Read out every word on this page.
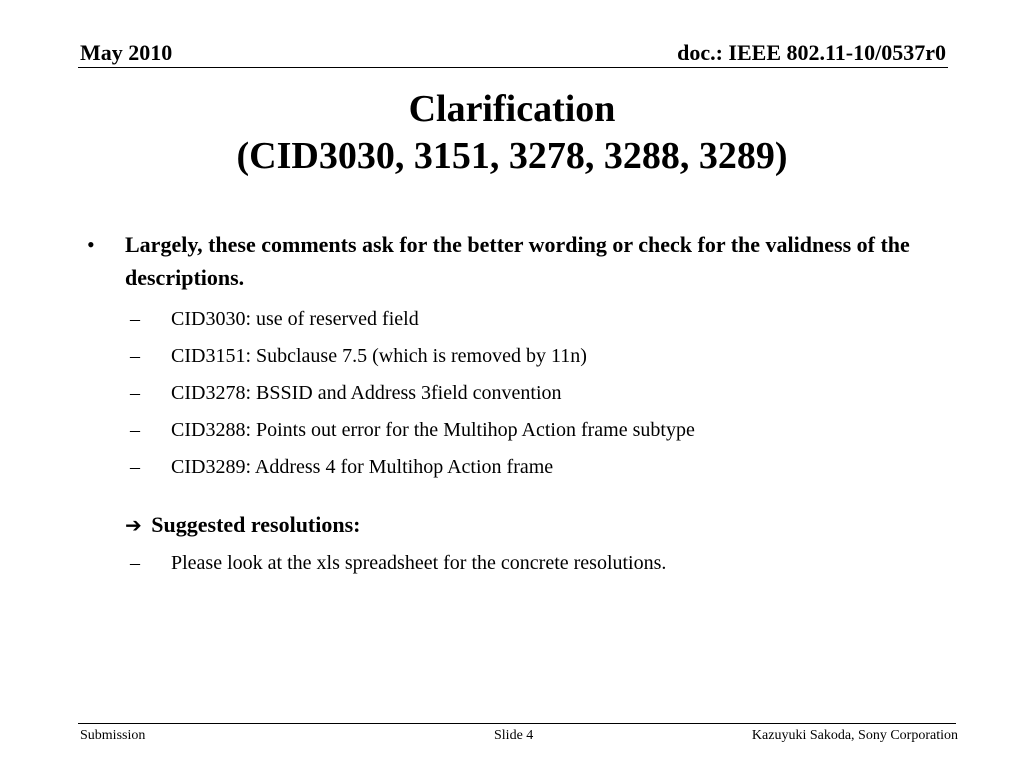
May 2010	doc.: IEEE 802.11-10/0537r0
Clarification
(CID3030, 3151, 3278, 3288, 3289)
• Largely, these comments ask for the better wording or check for the validness of the descriptions.
– CID3030: use of reserved field
– CID3151: Subclause 7.5 (which is removed by 11n)
– CID3278: BSSID and Address 3field convention
– CID3288: Points out error for the Multihop Action frame subtype
– CID3289: Address 4 for Multihop Action frame
➔ Suggested resolutions:
– Please look at the xls spreadsheet for the concrete resolutions.
Submission	Slide 4	Kazuyuki Sakoda, Sony Corporation
